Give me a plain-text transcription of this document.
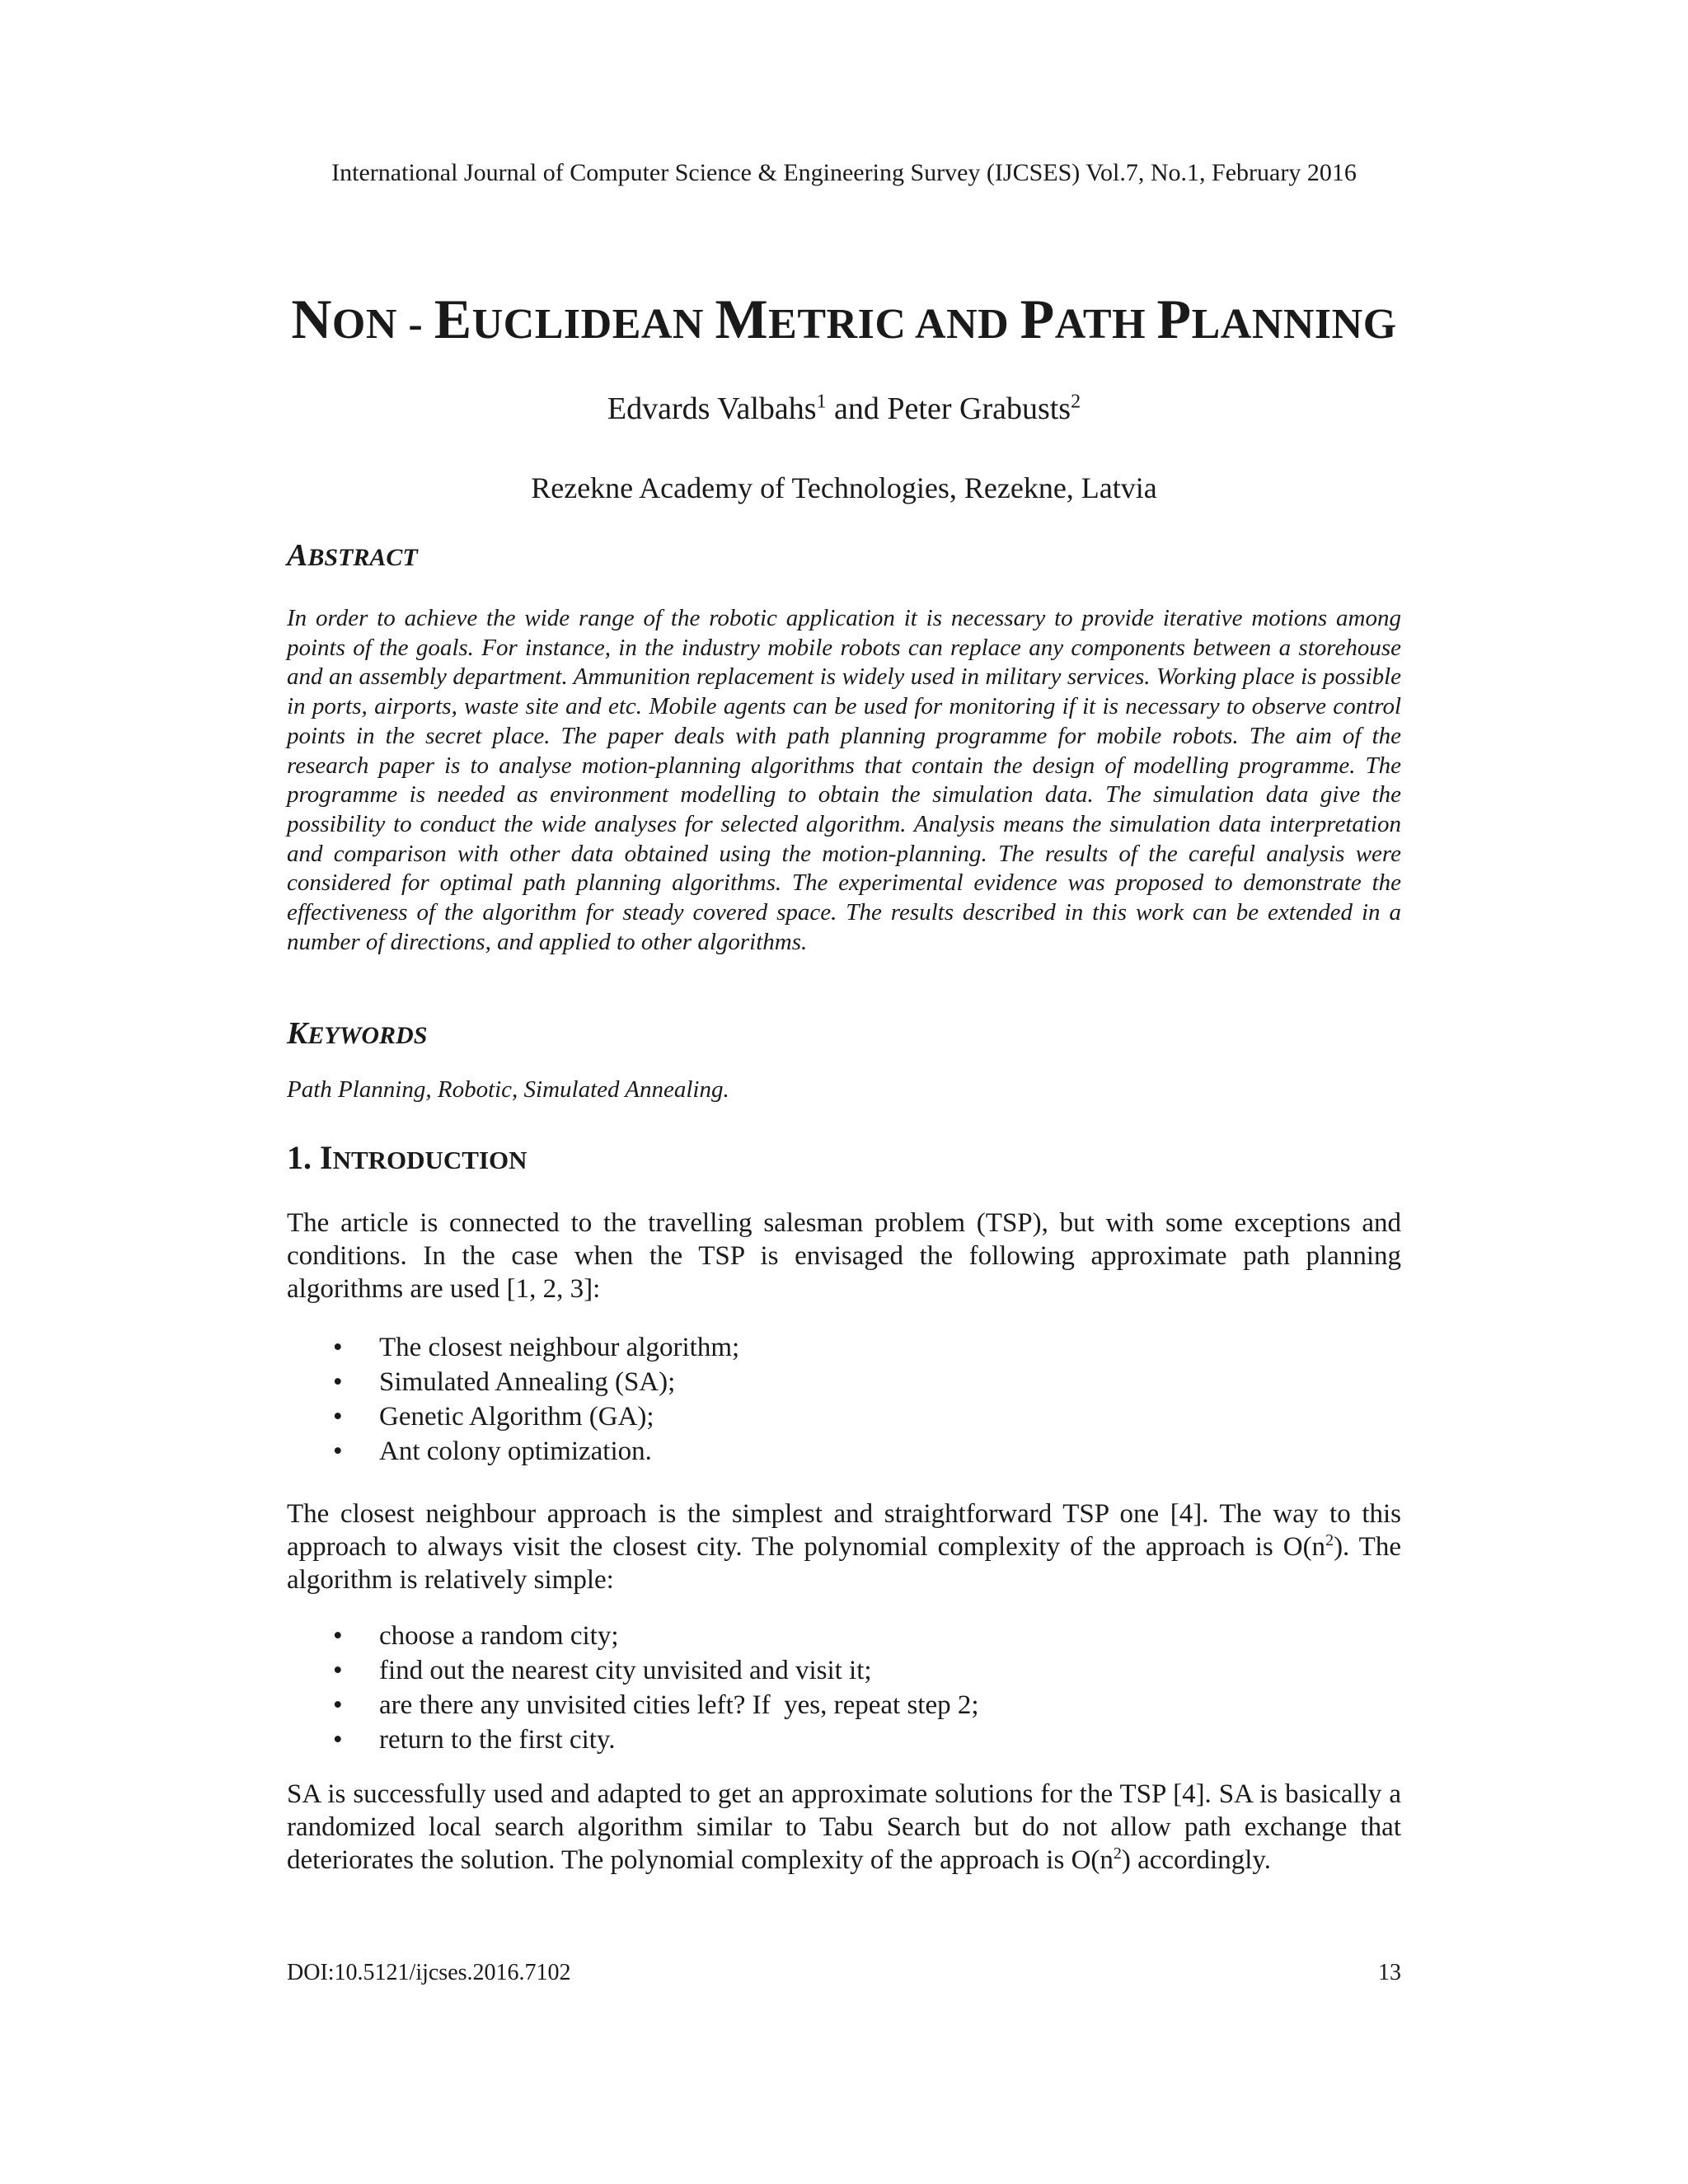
International Journal of Computer Science & Engineering Survey (IJCSES) Vol.7, No.1, February 2016
NON - EUCLIDEAN METRIC AND PATH PLANNING
Edvards Valbahs$^1$ and Peter Grabusts$^2$
Rezekne Academy of Technologies, Rezekne, Latvia
ABSTRACT
In order to achieve the wide range of the robotic application it is necessary to provide iterative motions among points of the goals. For instance, in the industry mobile robots can replace any components between a storehouse and an assembly department. Ammunition replacement is widely used in military services. Working place is possible in ports, airports, waste site and etc. Mobile agents can be used for monitoring if it is necessary to observe control points in the secret place. The paper deals with path planning programme for mobile robots. The aim of the research paper is to analyse motion-planning algorithms that contain the design of modelling programme. The programme is needed as environment modelling to obtain the simulation data. The simulation data give the possibility to conduct the wide analyses for selected algorithm. Analysis means the simulation data interpretation and comparison with other data obtained using the motion-planning. The results of the careful analysis were considered for optimal path planning algorithms. The experimental evidence was proposed to demonstrate the effectiveness of the algorithm for steady covered space. The results described in this work can be extended in a number of directions, and applied to other algorithms.
KEYWORDS
Path Planning, Robotic, Simulated Annealing.
1. INTRODUCTION
The article is connected to the travelling salesman problem (TSP), but with some exceptions and conditions. In the case when the TSP is envisaged the following approximate path planning algorithms are used [1, 2, 3]:
• The closest neighbour algorithm;
• Simulated Annealing (SA);
• Genetic Algorithm (GA);
• Ant colony optimization.
The closest neighbour approach is the simplest and straightforward TSP one [4]. The way to this approach to always visit the closest city. The polynomial complexity of the approach is $O(n^2)$. The algorithm is relatively simple:
• choose a random city;
• find out the nearest city unvisited and visit it;
• are there any unvisited cities left? If  yes, repeat step 2;
• return to the first city.
SA is successfully used and adapted to get an approximate solutions for the TSP [4]. SA is basically a randomized local search algorithm similar to Tabu Search but do not allow path exchange that deteriorates the solution. The polynomial complexity of the approach is $O(n^2)$ accordingly.
DOI:10.5121/ijcses.2016.7102	13
